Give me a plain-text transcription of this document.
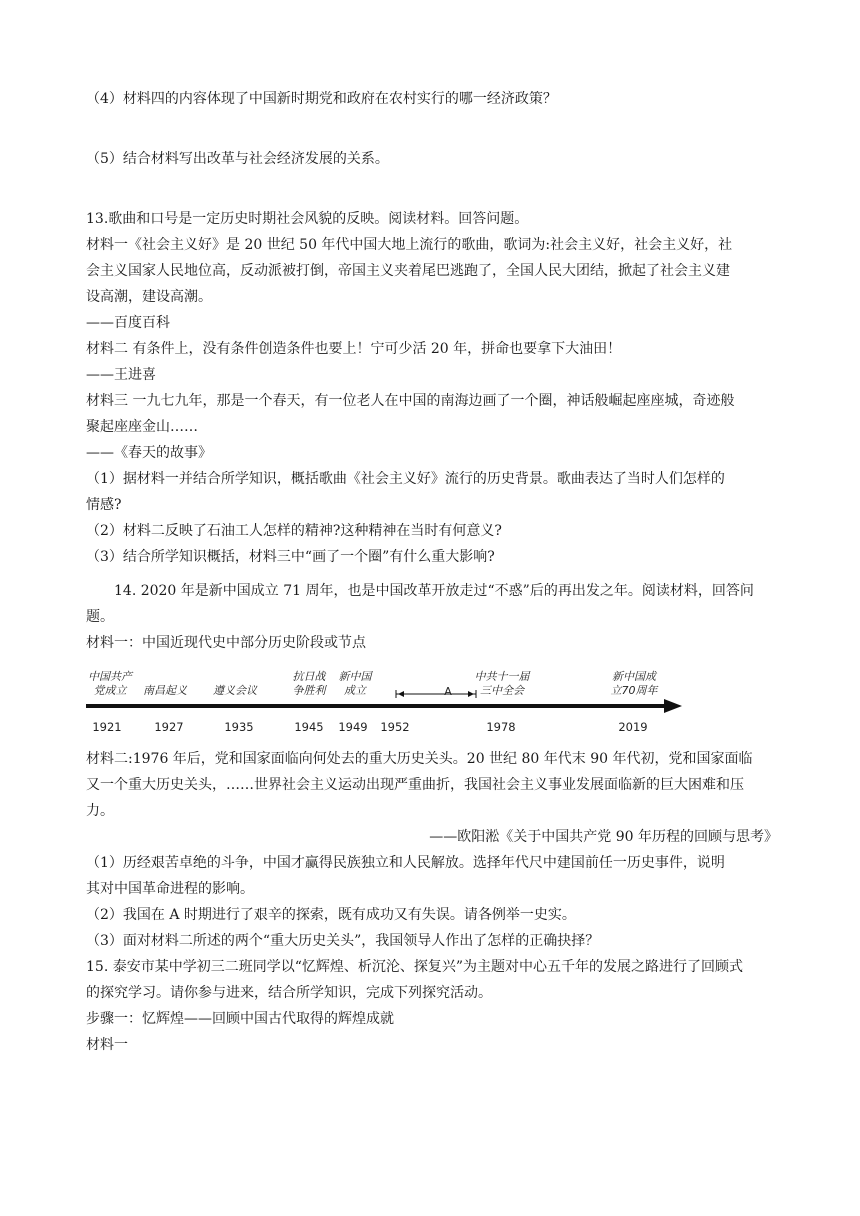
（4）材料四的内容体现了中国新时期党和政府在农村实行的哪一经济政策？

（5）结合材料写出改革与社会经济发展的关系。

13.歌曲和口号是一定历史时期社会风貌的反映。阅读材料。回答问题。

材料一《社会主义好》是 20 世纪 50 年代中国大地上流行的歌曲，歌词为:社会主义好，社会主义好，社

会主义国家人民地位高，反动派被打倒，帝国主义夹着尾巴逃跑了，全国人民大团结，掀起了社会主义建

设高潮，建设高潮。

——百度百科

材料二 有条件上，没有条件创造条件也要上！宁可少活 20 年，拼命也要拿下大油田！

——王进喜

材料三 一九七九年，那是一个春天，有一位老人在中国的南海边画了一个圈，神话般崛起座座城，奇迹般

聚起座座金山……

——《春天的故事》

（1）据材料一并结合所学知识，概括歌曲《社会主义好》流行的历史背景。歌曲表达了当时人们怎样的

情感?

（2）材料二反映了石油工人怎样的精神?这种精神在当时有何意义?

（3）结合所学知识概括，材料三中“画了一个圈”有什么重大影响?

14. 2020 年是新中国成立 71 周年，也是中国改革开放走过“不惑”后的再出发之年。阅读材料，回答问

题。

材料一：中国近现代史中部分历史阶段或节点

中国共产
党成立	南昌起义	遵义会议
抗日战
争胜利
新中国
成立	A
中共十一届
三中全会
新中国成
立70周年
1921	1927	1935	1945	1949	1952	1978	2019

材料二:1976 年后，党和国家面临向何处去的重大历史关头。20 世纪 80 年代末 90 年代初，党和国家面临

又一个重大历史关头，……世界社会主义运动出现严重曲折，我国社会主义事业发展面临新的巨大困难和压

力。

——欧阳淞《关于中国共产党 90 年历程的回顾与思考》

（1）历经艰苦卓绝的斗争，中国才赢得民族独立和人民解放。选择年代尺中建国前任一历史事件，说明

其对中国革命进程的影响。

（2）我国在 A 时期进行了艰辛的探索，既有成功又有失误。请各例举一史实。

（3）面对材料二所述的两个“重大历史关头”，我国领导人作出了怎样的正确抉择？

15. 泰安市某中学初三二班同学以“忆辉煌、析沉沦、探复兴”为主题对中心五千年的发展之路进行了回顾式

的探究学习。请你参与进来，结合所学知识，完成下列探究活动。

步骤一：忆辉煌——回顾中国古代取得的辉煌成就

材料一
